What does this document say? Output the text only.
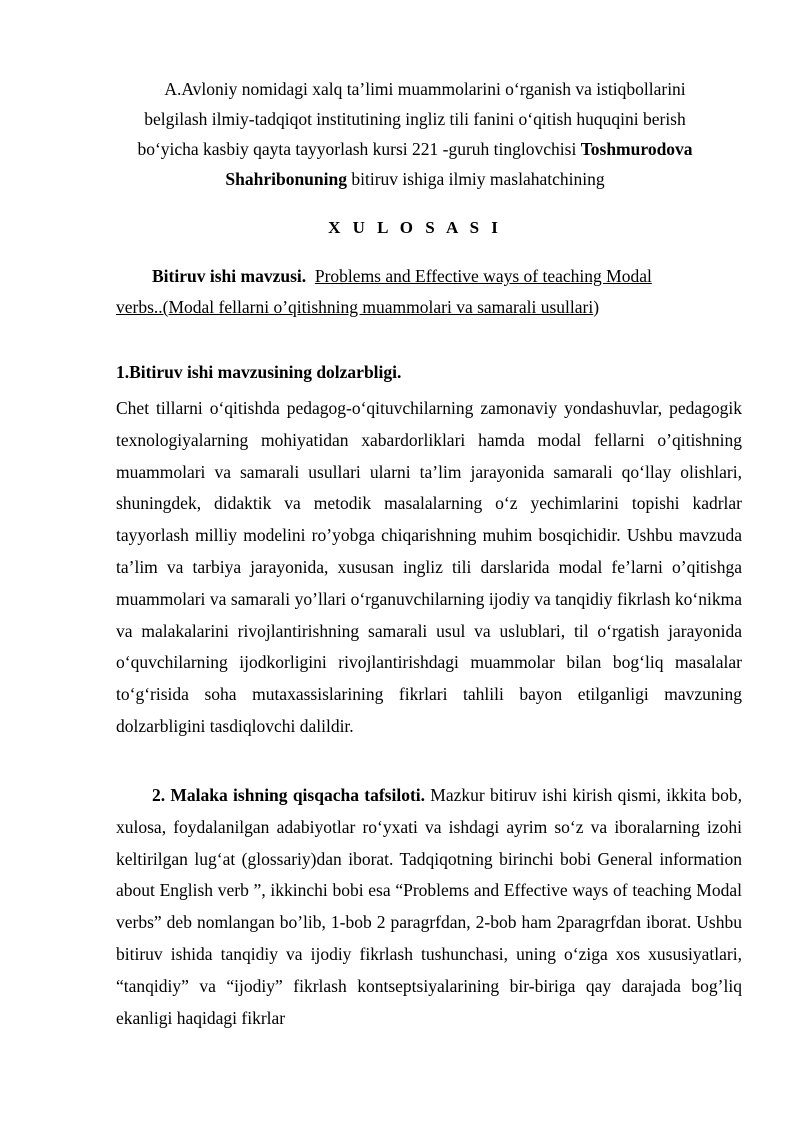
A.Avloniy nomidagi xalq ta’limi muammolarini o‘rganish va istiqbollarini
belgilash ilmiy-tadqiqot institutining ingliz tili fanini o‘qitish huquqini berish
bo‘yicha kasbiy qayta tayyorlash kursi 221 -guruh tinglovchisi Toshmurodova
Shahribonuning bitiruv ishiga ilmiy maslahatchining
X U L O S A S I
Bitiruv ishi mavzusi. Problems and Effective ways of teaching Modal
verbs..(Modal fellarni o’qitishning muammolari va samarali usullari)
1.Bitiruv ishi mavzusining dolzarbligi.
Chet tillarni o‘qitishda pedagog-o‘qituvchilarning zamonaviy yondashuvlar, pedagogik texnologiyalarning mohiyatidan xabardorliklari hamda modal fellarni o’qitishning muammolari va samarali usullari ularni ta’lim jarayonida samarali qo‘llay olishlari, shuningdek, didaktik va metodik masalalarning o‘z yechimlarini topishi kadrlar tayyorlash milliy modelini ro’yobga chiqarishning muhim bosqichidir. Ushbu mavzuda ta’lim va tarbiya jarayonida, xususan ingliz tili darslarida modal fe’larni o’qitishga muammolari va samarali yo’llari o‘rganuvchilarning ijodiy va tanqidiy fikrlash ko‘nikma va malakalarini rivojlantirishning samarali usul va uslublari, til o‘rgatish jarayonida o‘quvchilarning ijodkorligini rivojlantirishdagi muammolar bilan bog‘liq masalalar to‘g‘risida soha mutaxassislarining fikrlari tahlili bayon etilganligi mavzuning dolzarbligini tasdiqlovchi dalildir.
2. Malaka ishning qisqacha tafsiloti. Mazkur bitiruv ishi kirish qismi, ikkita bob, xulosa, foydalanilgan adabiyotlar ro‘yxati va ishdagi ayrim so‘z va iboralarning izohi keltirilgan lug‘at (glossariy)dan iborat. Tadqiqotning birinchi bobi General information about English verb ”, ikkinchi bobi esa “Problems and Effective ways of teaching Modal verbs” deb nomlangan bo’lib, 1-bob 2 paragrfdan, 2-bob ham 2paragrfdan iborat. Ushbu bitiruv ishida tanqidiy va ijodiy fikrlash tushunchasi, uning o‘ziga xos xususiyatlari, “tanqidiy” va “ijodiy” fikrlash kontseptsiyalarining bir-biriga qay darajada bog’liq ekanligi haqidagi fikrlar
